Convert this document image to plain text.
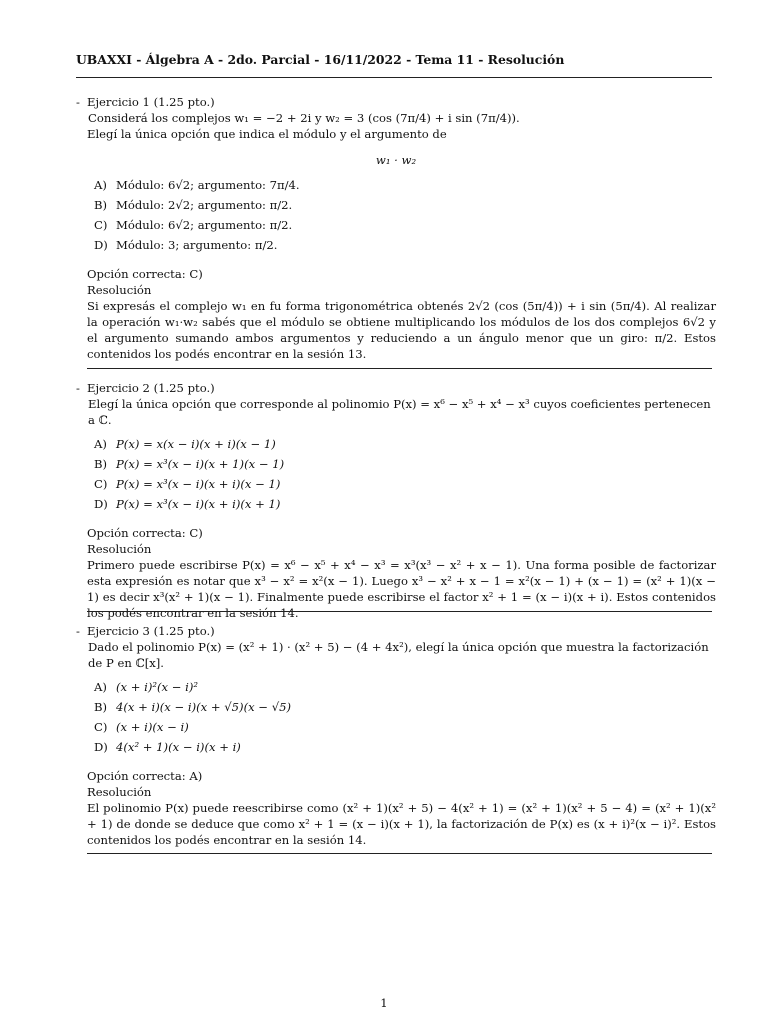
UBAXXI - Álgebra A - 2do. Parcial - 16/11/2022 - Tema 11 - Resolución
- Ejercicio 1 (1.25 pto.)
Considerá los complejos w₁ = −2 + 2i y w₂ = 3 (cos (7π/4) + i sin (7π/4)).
Elegí la única opción que indica el módulo y el argumento de
w₁ · w₂
A) Módulo: 6√2; argumento: 7π/4.
B) Módulo: 2√2; argumento: π/2.
C) Módulo: 6√2; argumento: π/2.
D) Módulo: 3; argumento: π/2.
Opción correcta: C)
Resolución
Si expresás el complejo w₁ en fu forma trigonométrica obtenés 2√2 (cos (5π/4)) + i sin (5π/4). Al realizar la operación w₁·w₂ sabés que el módulo se obtiene multiplicando los módulos de los dos complejos 6√2 y el argumento sumando ambos argumentos y reduciendo a un ángulo menor que un giro: π/2. Estos contenidos los podés encontrar en la sesión 13.
- Ejercicio 2 (1.25 pto.)
Elegí la única opción que corresponde al polinomio P(x) = x⁶ − x⁵ + x⁴ − x³ cuyos coeficientes pertenecen a ℂ.
A) P(x) = x(x − i)(x + i)(x − 1)
B) P(x) = x³(x − i)(x + 1)(x − 1)
C) P(x) = x³(x − i)(x + i)(x − 1)
D) P(x) = x³(x − i)(x + i)(x + 1)
Opción correcta: C)
Resolución
Primero puede escribirse P(x) = x⁶ − x⁵ + x⁴ − x³ = x³(x³ − x² + x − 1). Una forma posible de factorizar esta expresión es notar que x³ − x² = x²(x − 1). Luego x³ − x² + x − 1 = x²(x − 1) + (x − 1) = (x² + 1)(x − 1) es decir x³(x² + 1)(x − 1). Finalmente puede escribirse el factor x² + 1 = (x − i)(x + i). Estos contenidos los podés encontrar en la sesión 14.
- Ejercicio 3 (1.25 pto.)
Dado el polinomio P(x) = (x² + 1) · (x² + 5) − (4 + 4x²), elegí la única opción que muestra la factorización de P en ℂ[x].
A) (x + i)²(x − i)²
B) 4(x + i)(x − i)(x + √5)(x − √5)
C) (x + i)(x − i)
D) 4(x² + 1)(x − i)(x + i)
Opción correcta: A)
Resolución
El polinomio P(x) puede reescribirse como (x² + 1)(x² + 5) − 4(x² + 1) = (x² + 1)(x² + 5 − 4) = (x² + 1)(x² + 1) de donde se deduce que como x² + 1 = (x − i)(x + 1), la factorización de P(x) es (x + i)²(x − i)². Estos contenidos los podés encontrar en la sesión 14.
1
